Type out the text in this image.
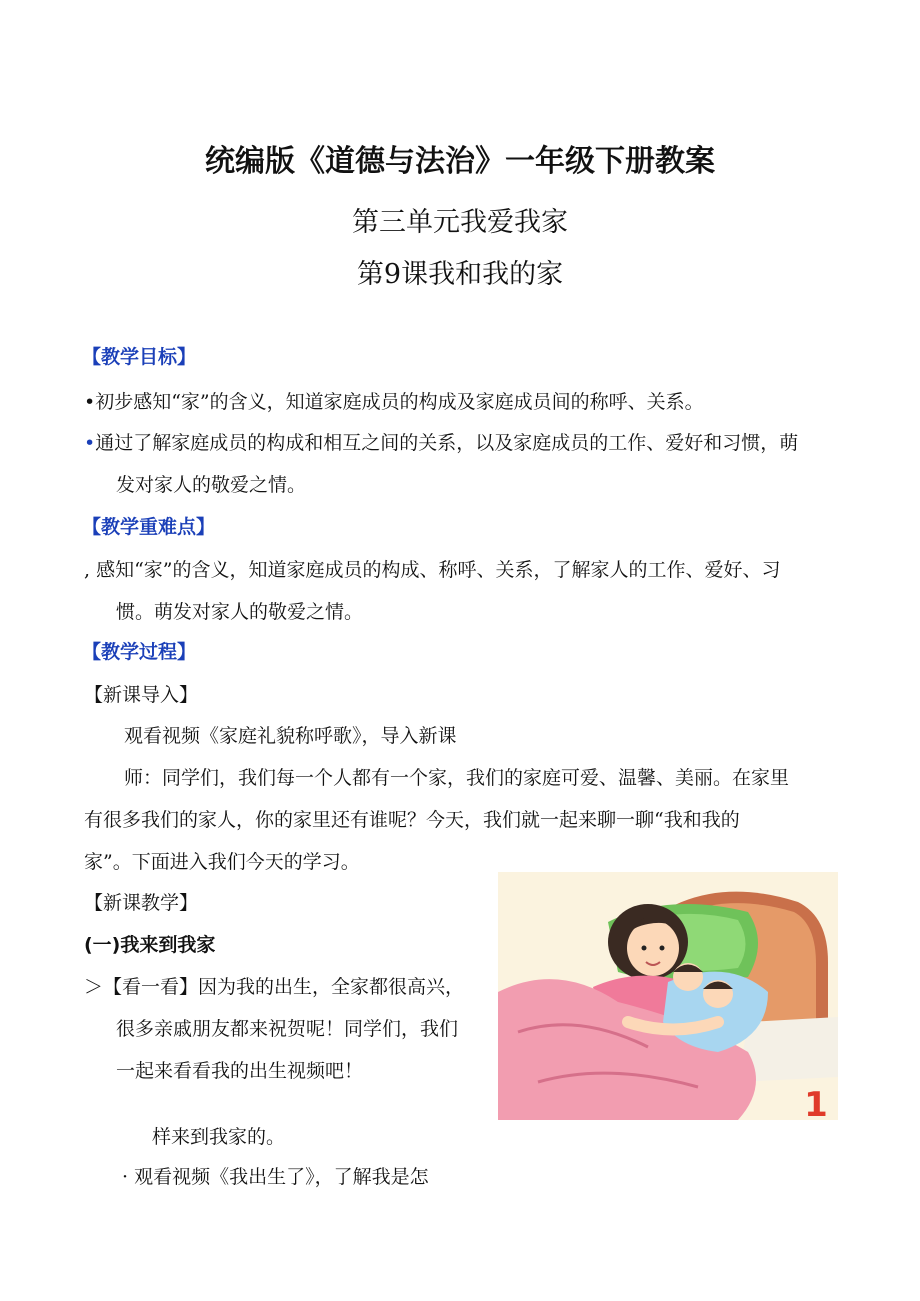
统编版《道德与法治》一年级下册教案
第三单元我爱我家
第9课我和我的家
【教学目标】
•初步感知“家”的含义，知道家庭成员的构成及家庭成员间的称呼、关系。
•通过了解家庭成员的构成和相互之间的关系，以及家庭成员的工作、爱好和习惯，萌
发对家人的敬爱之情。
【教学重难点】
, 感知“家”的含义，知道家庭成员的构成、称呼、关系，了解家人的工作、爱好、习
惯。萌发对家人的敬爱之情。
【教学过程】
【新课导入】
观看视频《家庭礼貌称呼歌》，导入新课
师：同学们，我们每一个人都有一个家，我们的家庭可爱、温馨、美丽。在家里
有很多我们的家人，你的家里还有谁呢？今天，我们就一起来聊一聊“我和我的
家”。下面进入我们今天的学习。
【新课教学】
(一)我来到我家
＞【看一看】因为我的出生，全家都很高兴，
很多亲戚朋友都来祝贺呢！同学们，我们
一起来看看我的出生视频吧！
样来到我家的。
· 观看视频《我出生了》，了解我是怎
1
